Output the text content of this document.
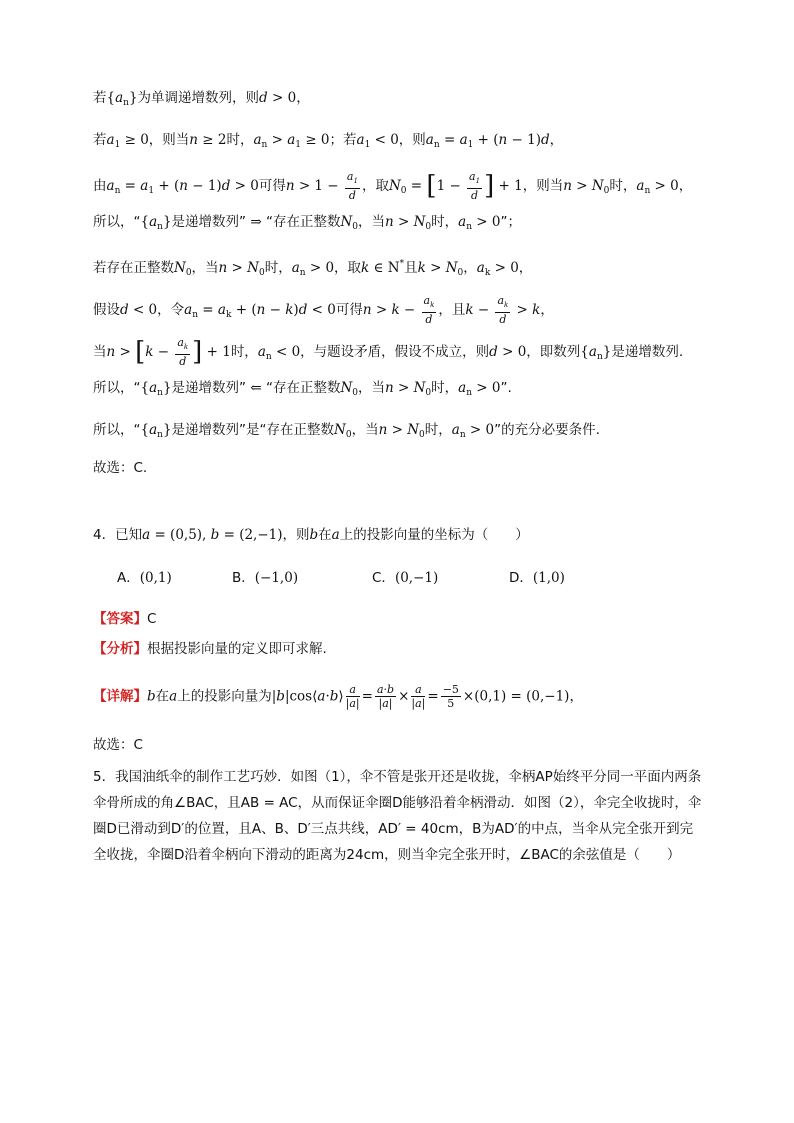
若$\{a_n\}$为单调递增数列，则d > 0，
若$a_1 \ge 0$，则当n ≥ 2时，$a_n > a_1 \ge 0$；若$a_1 < 0$，则$a_n = a_1 + (n - 1)d$，
由$a_n = a_1 + (n - 1)d > 0$可得$n > 1 - \frac{a_1}{d}$ ，取$N_0 = [1 - \frac{a_1}{d}$ ] + 1，则当$n > N_0$时，$a_n > 0$，
所以，“$\{a_n\}$是递增数列” ⇒ “存在正整数$N_0$，当$n > N_0$时，$a_n > 0$”；
若存在正整数$N_0$，当$n > N_0$时，$a_n > 0$，取k ∈ N*且$k > N_0$，$a_k > 0$，
假设d < 0，令$a_n = a_k + (n - k)d < 0$可得$n > k - \frac{a_k}{d}$ ，且$k - \frac{a_k}{d} > k$，
当$n > [k - \frac{a_k}{d}$ ] + 1时，$a_n < 0$，与题设矛盾，假设不成立，则d > 0，即数列$\{a_n\}$是递增数列.
所以，“$\{a_n\}$是递增数列” ⇐ “存在正整数$N_0$，当$n > N_0$时，$a_n > 0$”.
所以，“$\{a_n\}$是递增数列”是“存在正整数$N_0$，当$n > N_0$时，$a_n > 0$”的充分必要条件.
故选：C.
4．已知a = (0,5), b = (2,−1)，则b在a上的投影向量的坐标为（　　）
A．(0,1)	B．(−1,0)	C．(0,−1)	D．(1,0)
【答案】C
【分析】根据投影向量的定义即可求解.
【详解】b在a上的投影向量为|b|cos⟨a·b⟩ $\frac{a}{|a|} = \frac{a\cdot b}{|a|} \times \frac{a}{|a|} = \frac{-5}{5} \times(0,1) = (0,-1)$，
故选：C
5．我国油纸伞的制作工艺巧妙．如图（1），伞不管是张开还是收拢，伞柄AP始终平分同一平面内两条伞骨所成的角∠BAC，且AB = AC，从而保证伞圈D能够沿着伞柄滑动．如图（2），伞完全收拢时，伞圈D已滑动到D′的位置，且A、B、D′三点共线，AD′ = 40cm，B为AD′的中点，当伞从完全张开到完全收拢，伞圈D沿着伞柄向下滑动的距离为24cm，则当伞完全张开时，∠BAC的余弦值是（　　）
